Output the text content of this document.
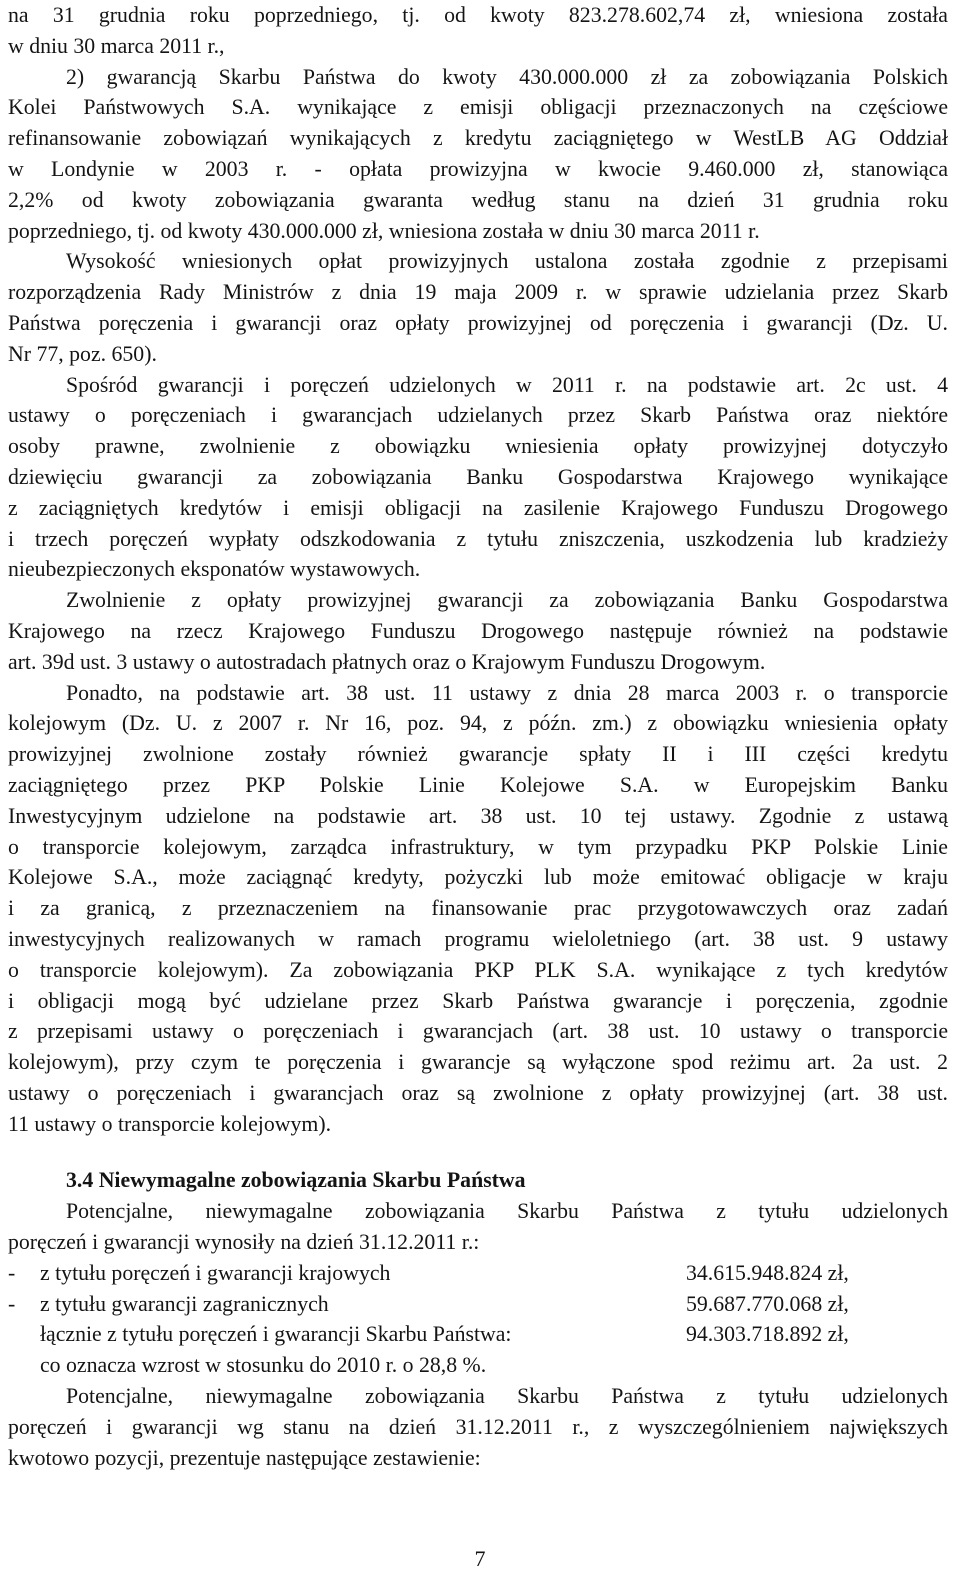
na 31 grudnia roku poprzedniego, tj. od kwoty 823.278.602,74 zł, wniesiona została
w dniu 30 marca 2011 r.,
2) gwarancją Skarbu Państwa do kwoty 430.000.000 zł za zobowiązania Polskich
Kolei Państwowych S.A. wynikające z emisji obligacji przeznaczonych na częściowe
refinansowanie zobowiązań wynikających z kredytu zaciągniętego w WestLB AG Oddział
w Londynie w 2003 r. - opłata prowizyjna w kwocie 9.460.000 zł, stanowiąca
2,2% od kwoty zobowiązania gwaranta według stanu na dzień 31 grudnia roku
poprzedniego, tj. od kwoty 430.000.000 zł, wniesiona została w dniu 30 marca 2011 r.
Wysokość wniesionych opłat prowizyjnych ustalona została zgodnie z przepisami
rozporządzenia Rady Ministrów z dnia 19 maja 2009 r. w sprawie udzielania przez Skarb
Państwa poręczenia i gwarancji oraz opłaty prowizyjnej od poręczenia i gwarancji (Dz. U.
Nr 77, poz. 650).
Spośród gwarancji i poręczeń udzielonych w 2011 r. na podstawie art. 2c ust. 4
ustawy o poręczeniach i gwarancjach udzielanych przez Skarb Państwa oraz niektóre
osoby prawne, zwolnienie z obowiązku wniesienia opłaty prowizyjnej dotyczyło
dziewięciu gwarancji za zobowiązania Banku Gospodarstwa Krajowego wynikające
z zaciągniętych kredytów i emisji obligacji na zasilenie Krajowego Funduszu Drogowego
i trzech poręczeń wypłaty odszkodowania z tytułu zniszczenia, uszkodzenia lub kradzieży
nieubezpieczonych eksponatów wystawowych.
Zwolnienie z opłaty prowizyjnej gwarancji za zobowiązania Banku Gospodarstwa
Krajowego na rzecz Krajowego Funduszu Drogowego następuje również na podstawie
art. 39d ust. 3 ustawy o autostradach płatnych oraz o Krajowym Funduszu Drogowym.
Ponadto, na podstawie art. 38 ust. 11 ustawy z dnia 28 marca 2003 r. o transporcie
kolejowym (Dz. U. z 2007 r. Nr 16, poz. 94, z późn. zm.) z obowiązku wniesienia opłaty
prowizyjnej zwolnione zostały również gwarancje spłaty II i III części kredytu
zaciągniętego przez PKP Polskie Linie Kolejowe S.A. w Europejskim Banku
Inwestycyjnym udzielone na podstawie art. 38 ust. 10 tej ustawy. Zgodnie z ustawą
o transporcie kolejowym, zarządca infrastruktury, w tym przypadku PKP Polskie Linie
Kolejowe S.A., może zaciągnąć kredyty, pożyczki lub może emitować obligacje w kraju
i za granicą, z przeznaczeniem na finansowanie prac przygotowawczych oraz zadań
inwestycyjnych realizowanych w ramach programu wieloletniego (art. 38 ust. 9 ustawy
o transporcie kolejowym). Za zobowiązania PKP PLK S.A. wynikające z tych kredytów
i obligacji mogą być udzielane przez Skarb Państwa gwarancje i poręczenia, zgodnie
z przepisami ustawy o poręczeniach i gwarancjach (art. 38 ust. 10 ustawy o transporcie
kolejowym), przy czym te poręczenia i gwarancje są wyłączone spod reżimu art. 2a ust. 2
ustawy o poręczeniach i gwarancjach oraz są zwolnione z opłaty prowizyjnej (art. 38 ust.
11 ustawy o transporcie kolejowym).
3.4 Niewymagalne zobowiązania Skarbu Państwa
Potencjalne, niewymagalne zobowiązania Skarbu Państwa z tytułu udzielonych
poręczeń i gwarancji wynosiły na dzień 31.12.2011 r.:
-	z tytułu poręczeń i gwarancji krajowych	34.615.948.824 zł,
-	z tytułu gwarancji zagranicznych	59.687.770.068 zł,
łącznie z tytułu poręczeń i gwarancji Skarbu Państwa:	94.303.718.892 zł,
co oznacza wzrost w stosunku do 2010 r. o 28,8 %.
Potencjalne, niewymagalne zobowiązania Skarbu Państwa z tytułu udzielonych
poręczeń i gwarancji wg stanu na dzień 31.12.2011 r., z wyszczególnieniem największych
kwotowo pozycji, prezentuje następujące zestawienie:
7
